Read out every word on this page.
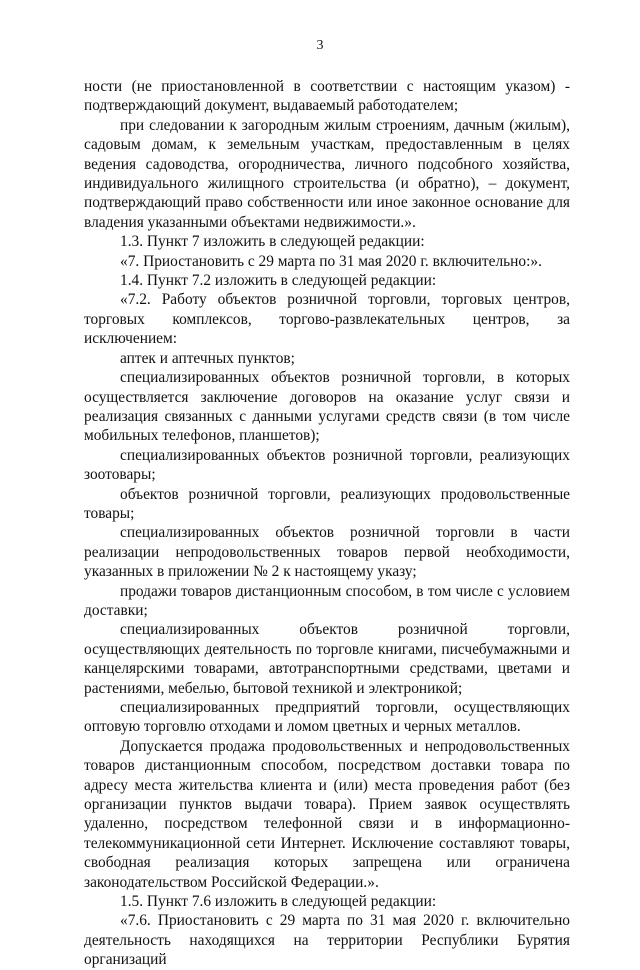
3

ности (не приостановленной в соответствии с настоящим указом) - подтверждающий документ, выдаваемый работодателем;

при следовании к загородным жилым строениям, дачным (жилым), садовым домам, к земельным участкам, предоставленным в целях ведения садоводства, огородничества, личного подсобного хозяйства, индивидуального жилищного строительства (и обратно), – документ, подтверждающий право собственности или иное законное основание для владения указанными объектами недвижимости.».

1.3. Пункт 7 изложить в следующей редакции:

«7. Приостановить с 29 марта по 31 мая 2020 г. включительно:».

1.4. Пункт 7.2 изложить в следующей редакции:

«7.2. Работу объектов розничной торговли, торговых центров, торговых комплексов, торгово-развлекательных центров, за исключением:

аптек и аптечных пунктов;

специализированных объектов розничной торговли, в которых осуществляется заключение договоров на оказание услуг связи и реализация связанных с данными услугами средств связи (в том числе мобильных телефонов, планшетов);

специализированных объектов розничной торговли, реализующих зоотовары;

объектов розничной торговли, реализующих продовольственные товары;

специализированных объектов розничной торговли в части реализации непродовольственных товаров первой необходимости, указанных в приложении № 2 к настоящему указу;

продажи товаров дистанционным способом, в том числе с условием доставки;

специализированных объектов розничной торговли, осуществляющих деятельность по торговле книгами, писчебумажными и канцелярскими товарами, автотранспортными средствами, цветами и растениями, мебелью, бытовой техникой и электроникой;

специализированных предприятий торговли, осуществляющих оптовую торговлю отходами и ломом цветных и черных металлов.

Допускается продажа продовольственных и непродовольственных товаров дистанционным способом, посредством доставки товара по адресу места жительства клиента и (или) места проведения работ (без организации пунктов выдачи товара). Прием заявок осуществлять удаленно, посредством телефонной связи и в информационно-телекоммуникационной сети Интернет. Исключение составляют товары, свободная реализация которых запрещена или ограничена законодательством Российской Федерации.».

1.5. Пункт 7.6 изложить в следующей редакции:

«7.6. Приостановить с 29 марта по 31 мая 2020 г. включительно деятельность находящихся на территории Республики Бурятия организаций
